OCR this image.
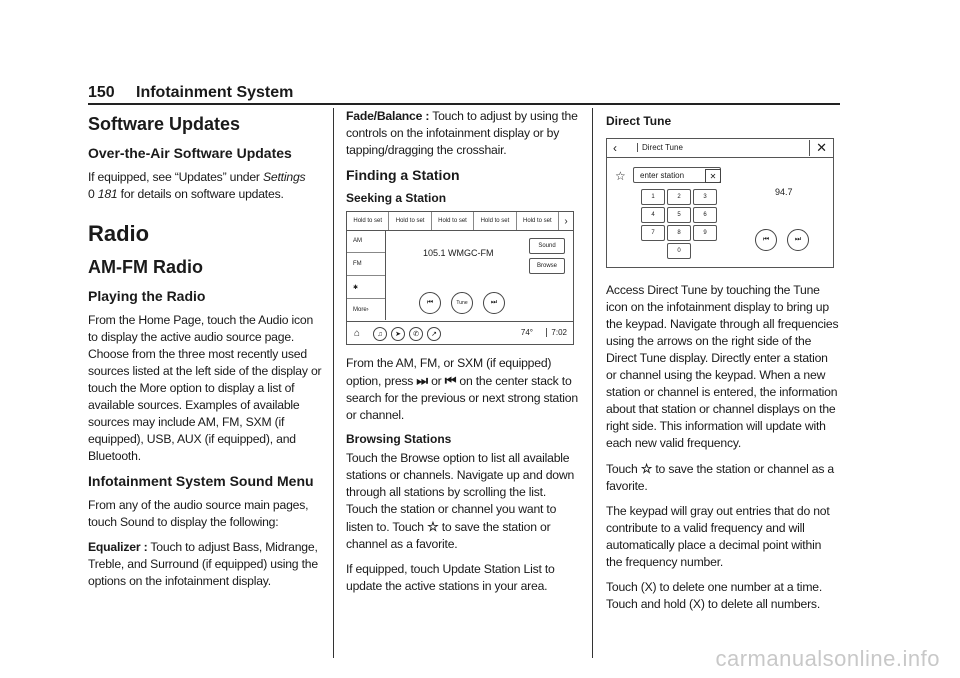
150 Infotainment System
Software Updates
Over-the-Air Software Updates

If equipped, see “Updates” under Settings
0 181 for details on software updates.

Radio
AM-FM Radio
Playing the Radio

From the Home Page, touch the Audio icon to display the active audio source page. Choose from the three most recently used sources listed at the left side of the display or touch the More option to display a list of available sources. Examples of available sources may include AM, FM, SXM (if equipped), USB, AUX (if equipped), and Bluetooth.

Infotainment System Sound Menu

From any of the audio source main pages, touch Sound to display the following:

Equalizer : Touch to adjust Bass, Midrange, Treble, and Surround (if equipped) using the options on the infotainment display.

Fade/Balance : Touch to adjust by using the controls on the infotainment display or by tapping/dragging the crosshair.

Finding a Station
Seeking a Station
Hold to set	Hold to set	Hold to set	Hold to set	Hold to set	›
AM
FM
✱
More›
105.1 WMGC-FM
Sound
Browse
⏮	Tune	⏭
⌂	♫	➤	✆	↗	74°	7:02

From the AM, FM, or SXM (if equipped) option, press ⏭ or ⏮ on the center stack to search for the previous or next strong station or channel.

Browsing Stations

Touch the Browse option to list all available stations or channels. Navigate up and down through all stations by scrolling the list. Touch the station or channel you want to listen to. Touch ☆ to save the station or channel as a favorite.

If equipped, touch Update Station List to update the active stations in your area.

Direct Tune
‹	Direct Tune	✕
☆	enter station	✕
1	2	3
4	5	6
7	8	9
0
94.7
⏮	⏭

Access Direct Tune by touching the Tune icon on the infotainment display to bring up the keypad. Navigate through all frequencies using the arrows on the right side of the Direct Tune display. Directly enter a station or channel using the keypad. When a new station or channel is entered, the information about that station or channel displays on the right side. This information will update with each new valid frequency.

Touch ☆ to save the station or channel as a favorite.

The keypad will gray out entries that do not contribute to a valid frequency and will automatically place a decimal point within the frequency number.

Touch (X) to delete one number at a time. Touch and hold (X) to delete all numbers.

carmanualsonline.info
